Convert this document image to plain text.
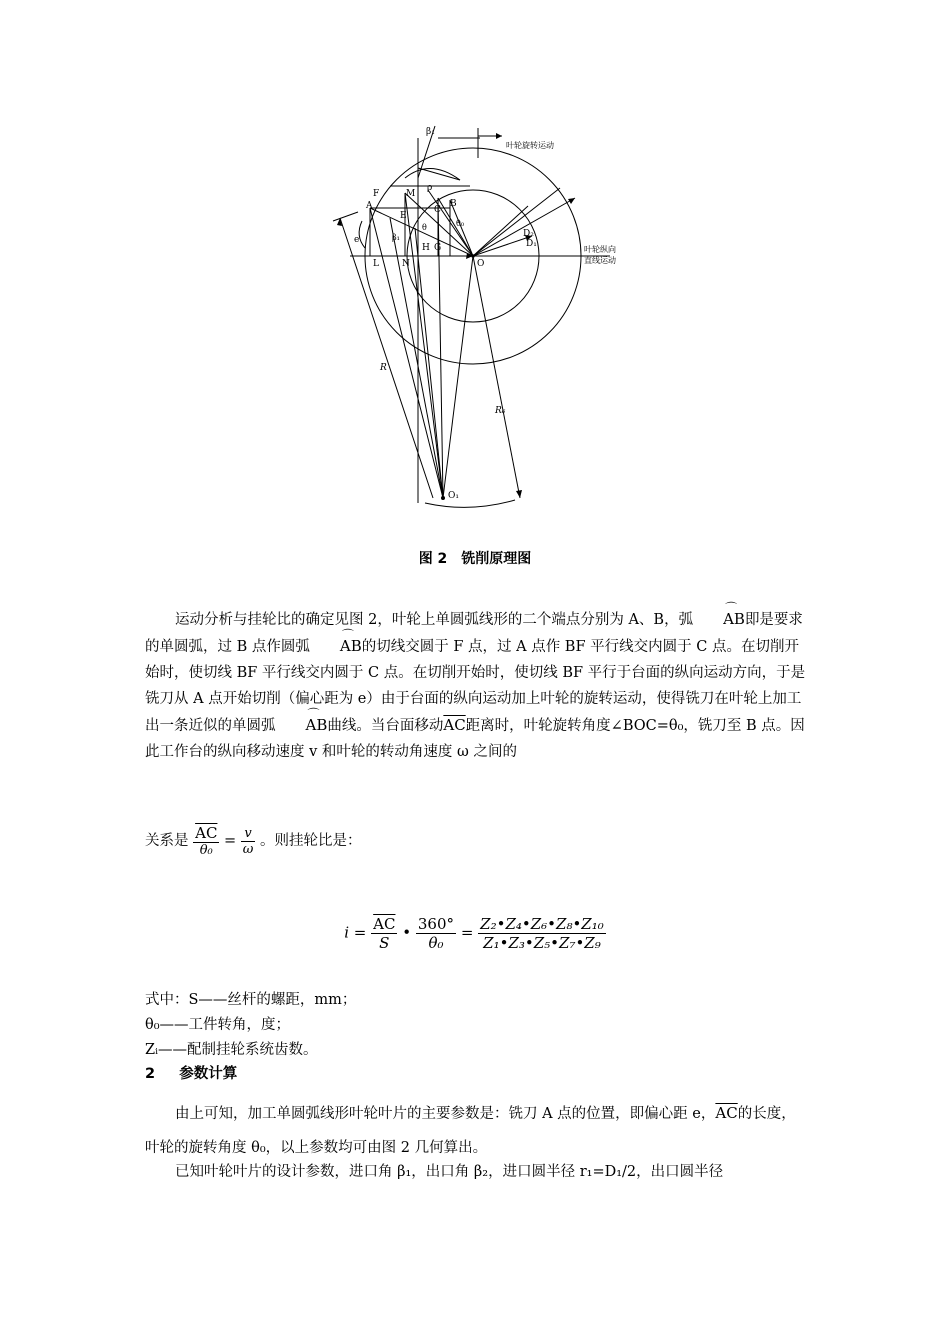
β₁
叶轮旋转运动
ρ
F	M
A
E
B
C
θ₀
θ
D₂
D₁
β₁
e
H G
L	N	O
叶轮纵向
直线运动
R
R₆
O₁
图 2　铣削原理图
运动分析与挂轮比的确定见图 2，叶轮上单圆弧线形的二个端点分别为 A、B，弧 ⌒ AB即是要求的单圆弧，过 B 点作圆弧 ⌒ AB的切线交圆于 F 点，过 A 点作 BF 平行线交内圆于 C 点。在切削开始时，使切线 BF 平行线交内圆于 C 点。在切削开始时，使切线 BF 平行于台面的纵向运动方向，于是铣刀从 A 点开始切削（偏心距为 e）由于台面的纵向运动加上叶轮的旋转运动，使得铣刀在叶轮上加工出一条近似的单圆弧 ⌒ AB曲线。当台面移动$\overline{AC}$距离时，叶轮旋转角度∠BOC=θ₀，铣刀至 B 点。因此工作台的纵向移动速度 v 和叶轮的转动角速度 ω 之间的
关系是 $\frac{\overline{AC}}{\text{θ₀}} = \frac{v}{\omega}$ 。则挂轮比是：
$i = \frac{\overline{AC}}{S}$ • $\frac{360^\circ}{\text{θ₀}} = \frac{\text{Z₂•Z₄•Z₆•Z₈•Z₁₀}}{\text{Z₁•Z₃•Z₅•Z₇•Z₉}}$
式中：S——丝杆的螺距，mm；
θ₀——工件转角，度；
Zᵢ——配制挂轮系统齿数。
2 参数计算
由上可知，加工单圆弧线形叶轮叶片的主要参数是：铣刀 A 点的位置，即偏心距 e，$\overline{AC}$的长度，叶轮的旋转角度 θ₀，以上参数均可由图 2 几何算出。
已知叶轮叶片的设计参数，进口角 β₁，出口角 β₂，进口圆半径 r₁=D₁/2，出口圆半径
